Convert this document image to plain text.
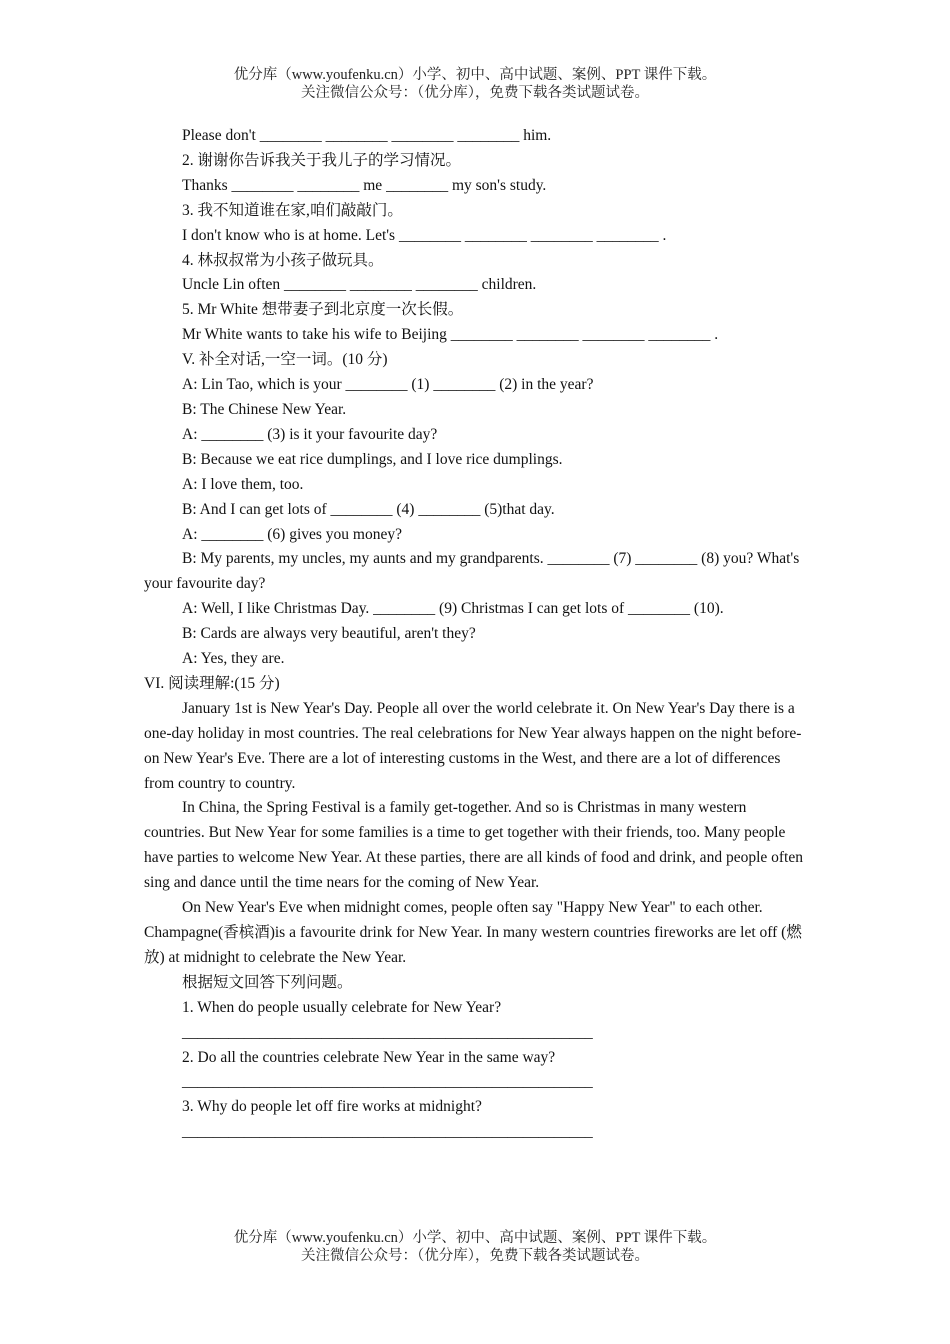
优分库（www.youfenku.cn）小学、初中、高中试题、案例、PPT 课件下载。
关注微信公众号：（优分库），免费下载各类试题试卷。
Please don't ________ ________ ________ ________ him.
2. 谢谢你告诉我关于我儿子的学习情况。
Thanks ________ ________ me ________ my son's study.
3. 我不知道谁在家,咱们敲敲门。
I don't know who is at home. Let's ________ ________ ________ ________ .
4. 林叔叔常为小孩子做玩具。
Uncle Lin often ________ ________ ________ children.
5. Mr White 想带妻子到北京度一次长假。
Mr White wants to take his wife to Beijing ________ ________ ________ ________ .
V. 补全对话,一空一词。(10 分)
A: Lin Tao, which is your ________ (1) ________ (2) in the year?
B: The Chinese New Year.
A: ________ (3) is it your favourite day?
B: Because we eat rice dumplings, and I love rice dumplings.
A: I love them, too.
B: And I can get lots of ________ (4) ________ (5)that day.
A: ________ (6) gives you money?
B: My parents, my uncles, my aunts and my grandparents. ________ (7) ________ (8) you? What's your favourite day?
A: Well, I like Christmas Day. ________ (9) Christmas I can get lots of ________ (10).
B: Cards are always very beautiful, aren't they?
A: Yes, they are.
VI. 阅读理解:(15 分)
January 1st is New Year's Day. People all over the world celebrate it. On New Year's Day there is a one-day holiday in most countries. The real celebrations for New Year always happen on the night before-on New Year's Eve. There are a lot of interesting customs in the West, and there are a lot of differences from country to country.
In China, the Spring Festival is a family get-together. And so is Christmas in many western countries. But New Year for some families is a time to get together with their friends, too. Many people have parties to welcome New Year. At these parties, there are all kinds of food and drink, and people often sing and dance until the time nears for the coming of New Year.
On New Year's Eve when midnight comes, people often say "Happy New Year" to each other. Champagne(香槟酒)is a favourite drink for New Year. In many western countries fireworks are let off (燃放) at midnight to celebrate the New Year.
根据短文回答下列问题。
1. When do people usually celebrate for New Year?
_____________________________________________________
2. Do all the countries celebrate New Year in the same way?
_____________________________________________________
3. Why do people let off fire works at midnight?
_____________________________________________________
优分库（www.youfenku.cn）小学、初中、高中试题、案例、PPT 课件下载。
关注微信公众号：（优分库），免费下载各类试题试卷。
